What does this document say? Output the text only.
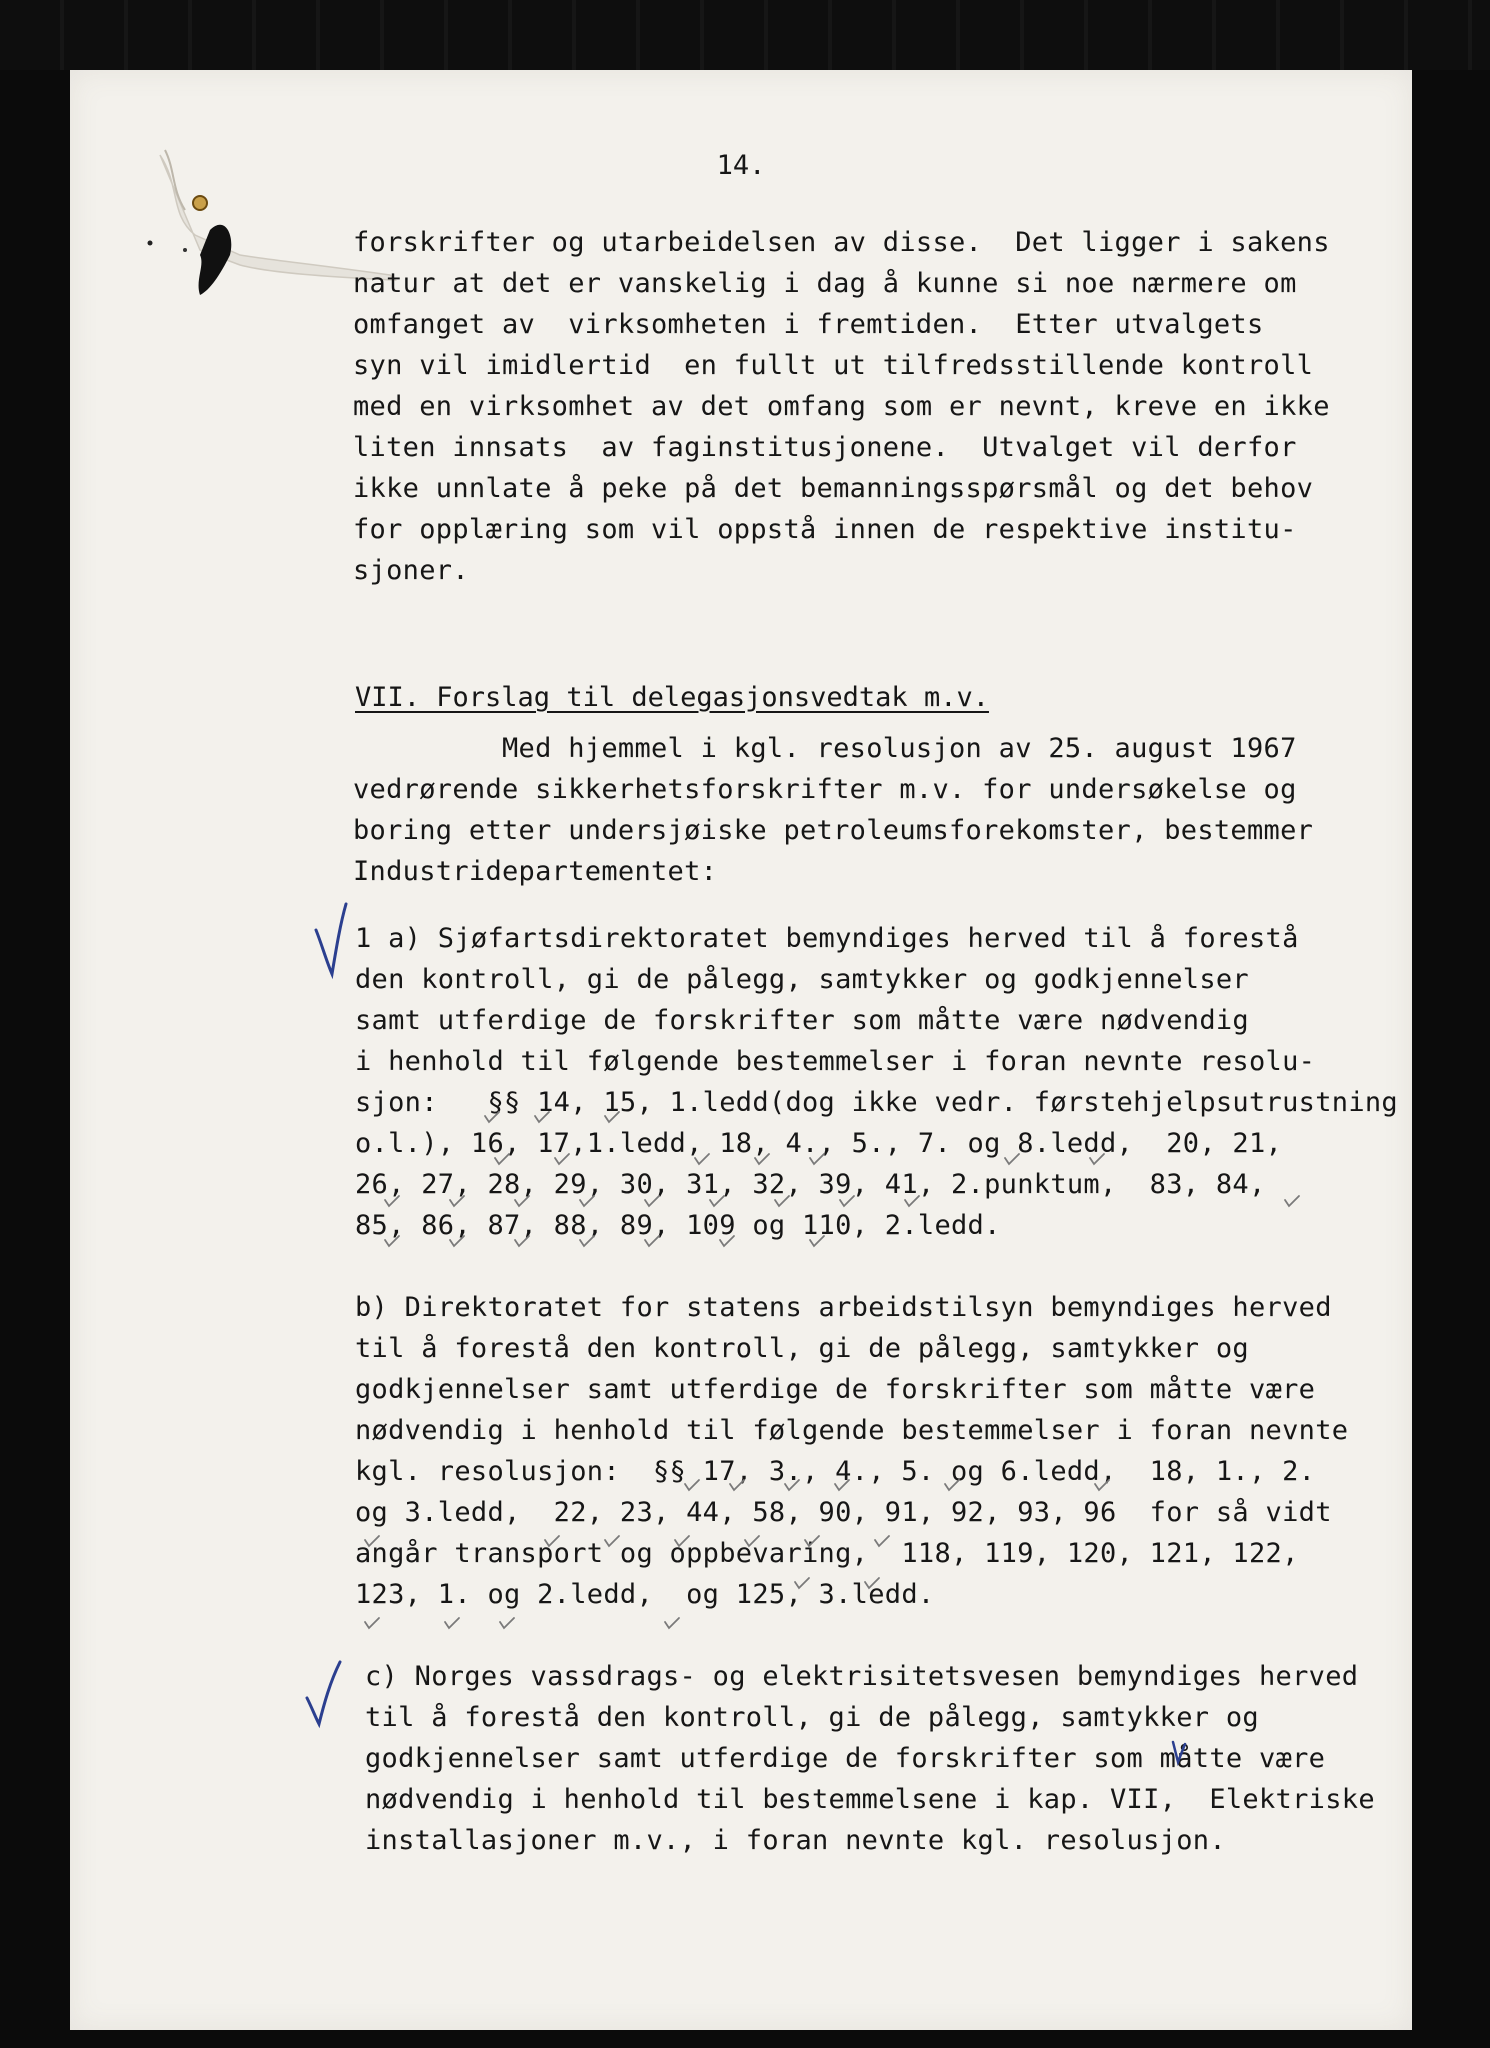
14.
forskrifter og utarbeidelsen av disse.  Det ligger i sakens
natur at det er vanskelig i dag å kunne si noe nærmere om
omfanget av  virksomheten i fremtiden.  Etter utvalgets
syn vil imidlertid  en fullt ut tilfredsstillende kontroll
med en virksomhet av det omfang som er nevnt, kreve en ikke
liten innsats  av faginstitusjonene.  Utvalget vil derfor
ikke unnlate å peke på det bemanningsspørsmål og det behov
for opplæring som vil oppstå innen de respektive institu-
sjoner.
VII. Forslag til delegasjonsvedtak m.v.
Med hjemmel i kgl. resolusjon av 25. august 1967
vedrørende sikkerhetsforskrifter m.v. for undersøkelse og
boring etter undersjøiske petroleumsforekomster, bestemmer
Industridepartementet:
1 a) Sjøfartsdirektoratet bemyndiges herved til å forestå
den kontroll, gi de pålegg, samtykker og godkjennelser
samt utferdige de forskrifter som måtte være nødvendig
i henhold til følgende bestemmelser i foran nevnte resolu-
sjon:   §§ 14, 15, 1.ledd(dog ikke vedr. førstehjelpsutrustning
o.l.), 16, 17,1.ledd, 18, 4., 5., 7. og 8.ledd,  20, 21,
26, 27, 28, 29, 30, 31, 32, 39, 41, 2.punktum,  83, 84,
85, 86, 87, 88, 89, 109 og 110, 2.ledd.
b) Direktoratet for statens arbeidstilsyn bemyndiges herved
til å forestå den kontroll, gi de pålegg, samtykker og
godkjennelser samt utferdige de forskrifter som måtte være
nødvendig i henhold til følgende bestemmelser i foran nevnte
kgl. resolusjon:  §§ 17, 3., 4., 5. og 6.ledd,  18, 1., 2.
og 3.ledd,  22, 23, 44, 58, 90, 91, 92, 93, 96  for så vidt
angår transport og oppbevaring,  118, 119, 120, 121, 122,
123, 1. og 2.ledd,  og 125, 3.ledd.
c) Norges vassdrags- og elektrisitetsvesen bemyndiges herved
til å forestå den kontroll, gi de pålegg, samtykker og
godkjennelser samt utferdige de forskrifter som måtte være
nødvendig i henhold til bestemmelsene i kap. VII,  Elektriske
installasjoner m.v., i foran nevnte kgl. resolusjon.
